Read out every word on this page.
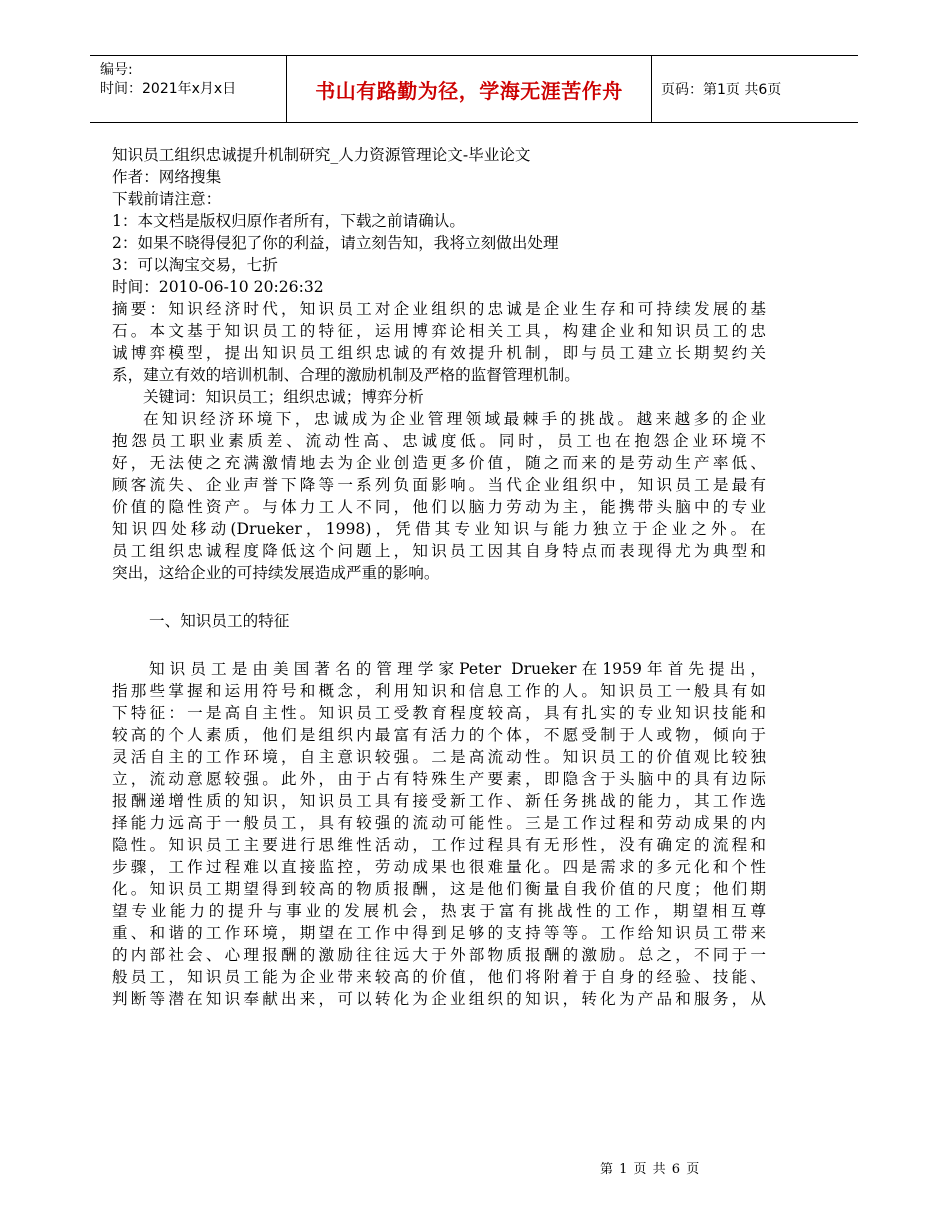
编号:
时间：2021年x月x日	书山有路勤为径，学海无涯苦作舟	页码：第1页 共6页
知识员工组织忠诚提升机制研究_人力资源管理论文-毕业论文
作者：网络搜集
下载前请注意：
1：本文档是版权归原作者所有，下载之前请确认。
2：如果不晓得侵犯了你的利益，请立刻告知，我将立刻做出处理
3：可以淘宝交易，七折
时间：2010-06-10 20:26:32
摘要：知识经济时代，知识员工对企业组织的忠诚是企业生存和可持续发展的基
石。本文基于知识员工的特征，运用博弈论相关工具，构建企业和知识员工的忠
诚博弈模型，提出知识员工组织忠诚的有效提升机制，即与员工建立长期契约关
系，建立有效的培训机制、合理的激励机制及严格的监督管理机制。
关键词：知识员工；组织忠诚；博弈分析
在知识经济环境下，忠诚成为企业管理领域最棘手的挑战。越来越多的企业
抱怨员工职业素质差、流动性高、忠诚度低。同时，员工也在抱怨企业环境不
好，无法使之充满激情地去为企业创造更多价值，随之而来的是劳动生产率低、
顾客流失、企业声誉下降等一系列负面影响。当代企业组织中，知识员工是最有
价值的隐性资产。与体力工人不同，他们以脑力劳动为主，能携带头脑中的专业
知识四处移动(Drueker，1998)，凭借其专业知识与能力独立于企业之外。在
员工组织忠诚程度降低这个问题上，知识员工因其自身特点而表现得尤为典型和
突出，这给企业的可持续发展造成严重的影响。
一、知识员工的特征
知识员工是由美国著名的管理学家Peter Drueker在1959年首先提出，
指那些掌握和运用符号和概念，利用知识和信息工作的人。知识员工一般具有如
下特征：一是高自主性。知识员工受教育程度较高，具有扎实的专业知识技能和
较高的个人素质，他们是组织内最富有活力的个体，不愿受制于人或物，倾向于
灵活自主的工作环境，自主意识较强。二是高流动性。知识员工的价值观比较独
立，流动意愿较强。此外，由于占有特殊生产要素，即隐含于头脑中的具有边际
报酬递增性质的知识，知识员工具有接受新工作、新任务挑战的能力，其工作选
择能力远高于一般员工，具有较强的流动可能性。三是工作过程和劳动成果的内
隐性。知识员工主要进行思维性活动，工作过程具有无形性，没有确定的流程和
步骤，工作过程难以直接监控，劳动成果也很难量化。四是需求的多元化和个性
化。知识员工期望得到较高的物质报酬，这是他们衡量自我价值的尺度；他们期
望专业能力的提升与事业的发展机会，热衷于富有挑战性的工作，期望相互尊
重、和谐的工作环境，期望在工作中得到足够的支持等等。工作给知识员工带来
的内部社会、心理报酬的激励往往远大于外部物质报酬的激励。总之，不同于一
般员工，知识员工能为企业带来较高的价值，他们将附着于自身的经验、技能、
判断等潜在知识奉献出来，可以转化为企业组织的知识，转化为产品和服务，从
第 1 页 共 6 页
